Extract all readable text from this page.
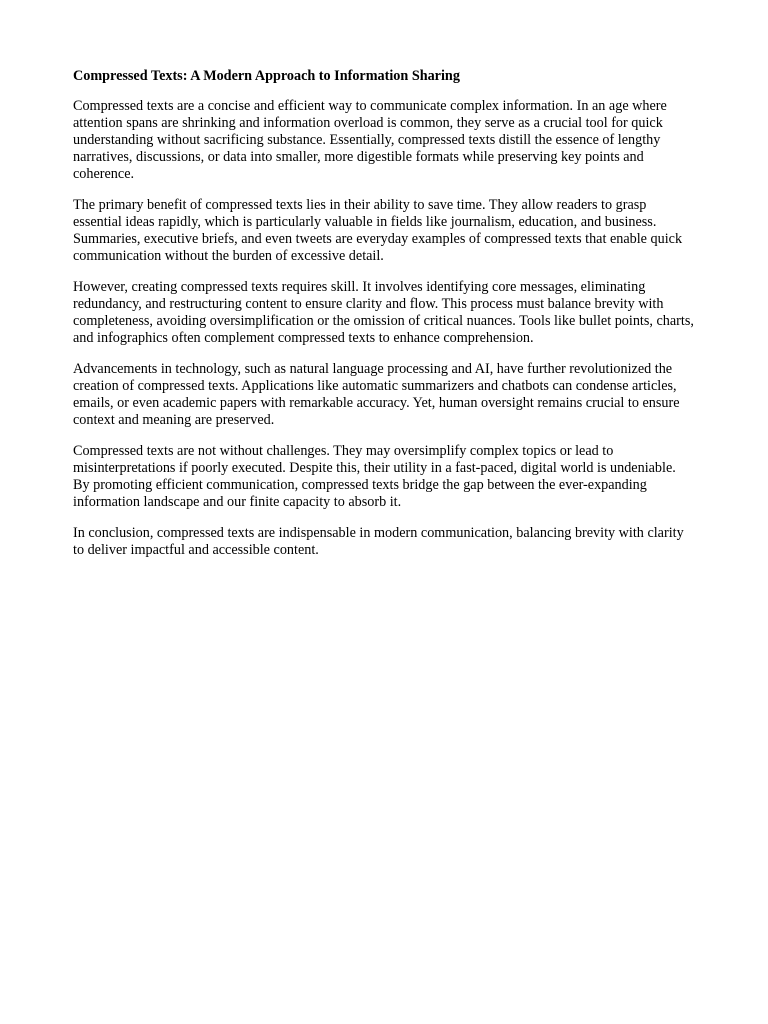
Compressed Texts: A Modern Approach to Information Sharing

Compressed texts are a concise and efficient way to communicate complex information. In an age where attention spans are shrinking and information overload is common, they serve as a crucial tool for quick understanding without sacrificing substance. Essentially, compressed texts distill the essence of lengthy narratives, discussions, or data into smaller, more digestible formats while preserving key points and coherence.

The primary benefit of compressed texts lies in their ability to save time. They allow readers to grasp essential ideas rapidly, which is particularly valuable in fields like journalism, education, and business. Summaries, executive briefs, and even tweets are everyday examples of compressed texts that enable quick communication without the burden of excessive detail.

However, creating compressed texts requires skill. It involves identifying core messages, eliminating redundancy, and restructuring content to ensure clarity and flow. This process must balance brevity with completeness, avoiding oversimplification or the omission of critical nuances. Tools like bullet points, charts, and infographics often complement compressed texts to enhance comprehension.

Advancements in technology, such as natural language processing and AI, have further revolutionized the creation of compressed texts. Applications like automatic summarizers and chatbots can condense articles, emails, or even academic papers with remarkable accuracy. Yet, human oversight remains crucial to ensure context and meaning are preserved.

Compressed texts are not without challenges. They may oversimplify complex topics or lead to misinterpretations if poorly executed. Despite this, their utility in a fast-paced, digital world is undeniable. By promoting efficient communication, compressed texts bridge the gap between the ever-expanding information landscape and our finite capacity to absorb it.

In conclusion, compressed texts are indispensable in modern communication, balancing brevity with clarity to deliver impactful and accessible content.
